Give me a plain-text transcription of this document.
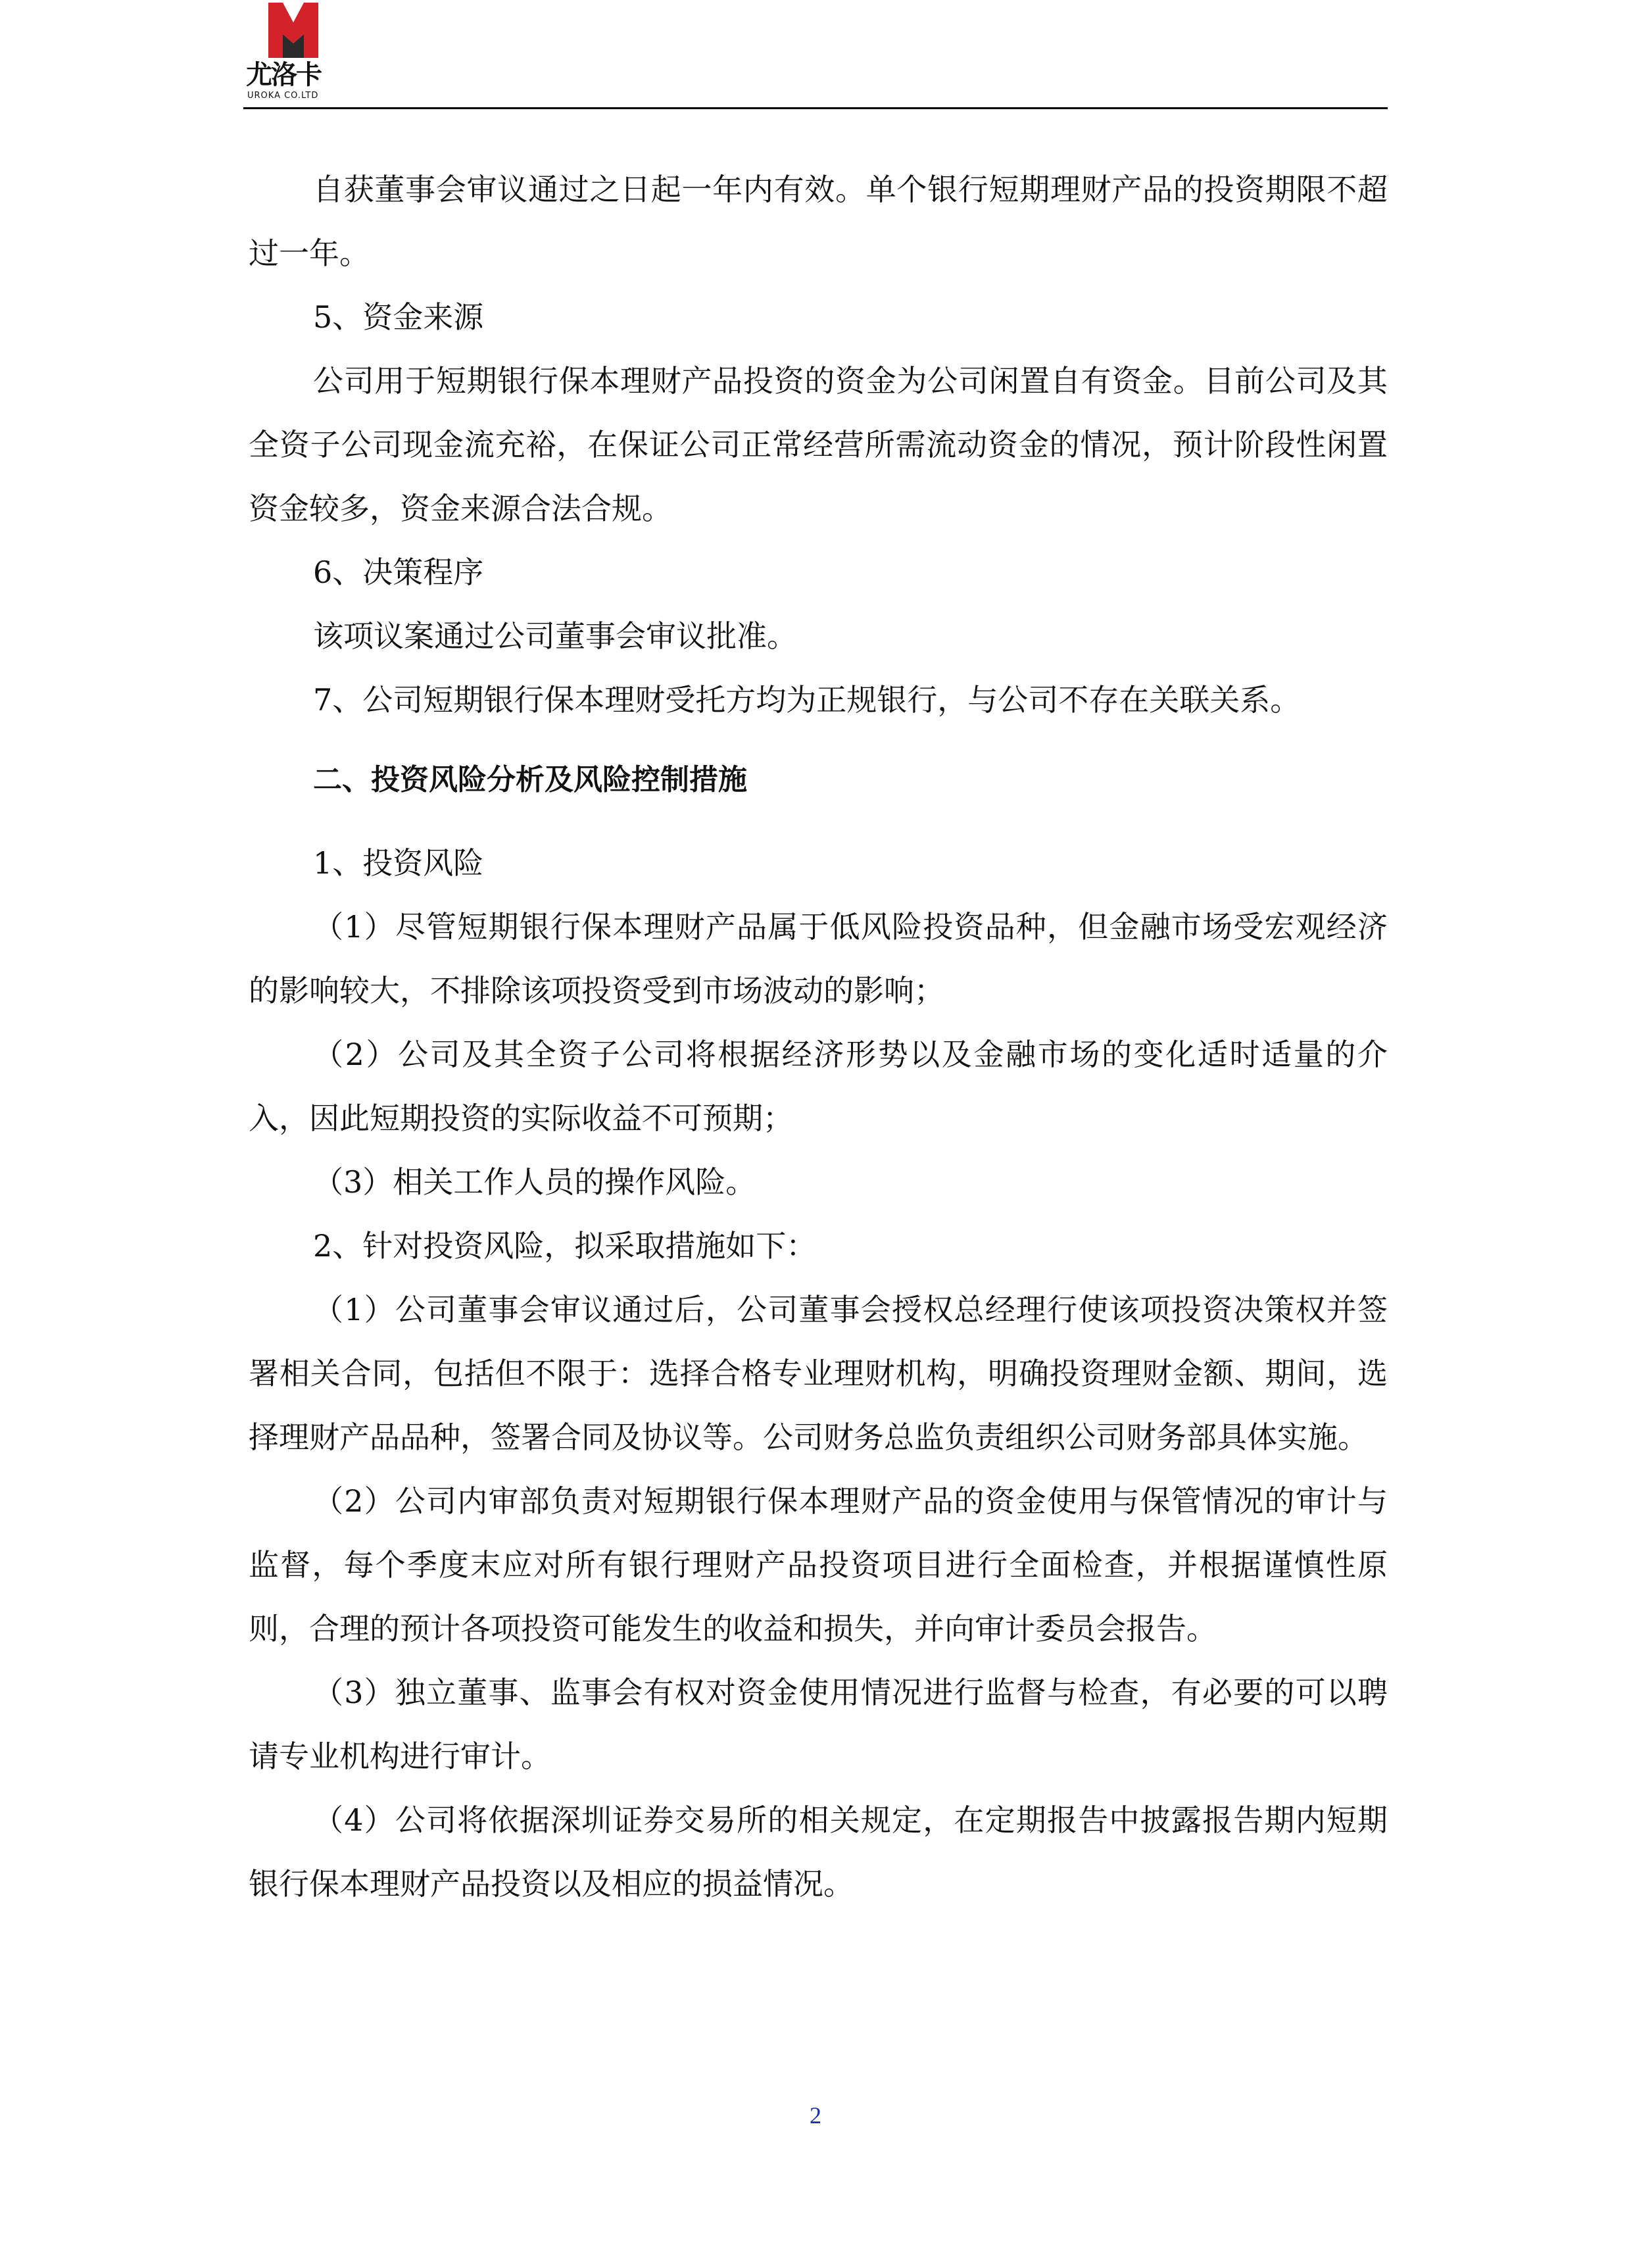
尤洛卡
UROKA CO.LTD

自获董事会审议通过之日起一年内有效。单个银行短期理财产品的投资期限不超过一年。

5、资金来源

公司用于短期银行保本理财产品投资的资金为公司闲置自有资金。目前公司及其全资子公司现金流充裕，在保证公司正常经营所需流动资金的情况，预计阶段性闲置资金较多，资金来源合法合规。

6、决策程序

该项议案通过公司董事会审议批准。

7、公司短期银行保本理财受托方均为正规银行，与公司不存在关联关系。

二、投资风险分析及风险控制措施

1、投资风险

（1）尽管短期银行保本理财产品属于低风险投资品种，但金融市场受宏观经济的影响较大，不排除该项投资受到市场波动的影响；

（2）公司及其全资子公司将根据经济形势以及金融市场的变化适时适量的介入，因此短期投资的实际收益不可预期；

（3）相关工作人员的操作风险。

2、针对投资风险，拟采取措施如下：

（1）公司董事会审议通过后，公司董事会授权总经理行使该项投资决策权并签署相关合同，包括但不限于：选择合格专业理财机构，明确投资理财金额、期间，选择理财产品品种，签署合同及协议等。公司财务总监负责组织公司财务部具体实施。

（2）公司内审部负责对短期银行保本理财产品的资金使用与保管情况的审计与监督，每个季度末应对所有银行理财产品投资项目进行全面检查，并根据谨慎性原则，合理的预计各项投资可能发生的收益和损失，并向审计委员会报告。

（3）独立董事、监事会有权对资金使用情况进行监督与检查，有必要的可以聘请专业机构进行审计。

（4）公司将依据深圳证券交易所的相关规定，在定期报告中披露报告期内短期银行保本理财产品投资以及相应的损益情况。

2
